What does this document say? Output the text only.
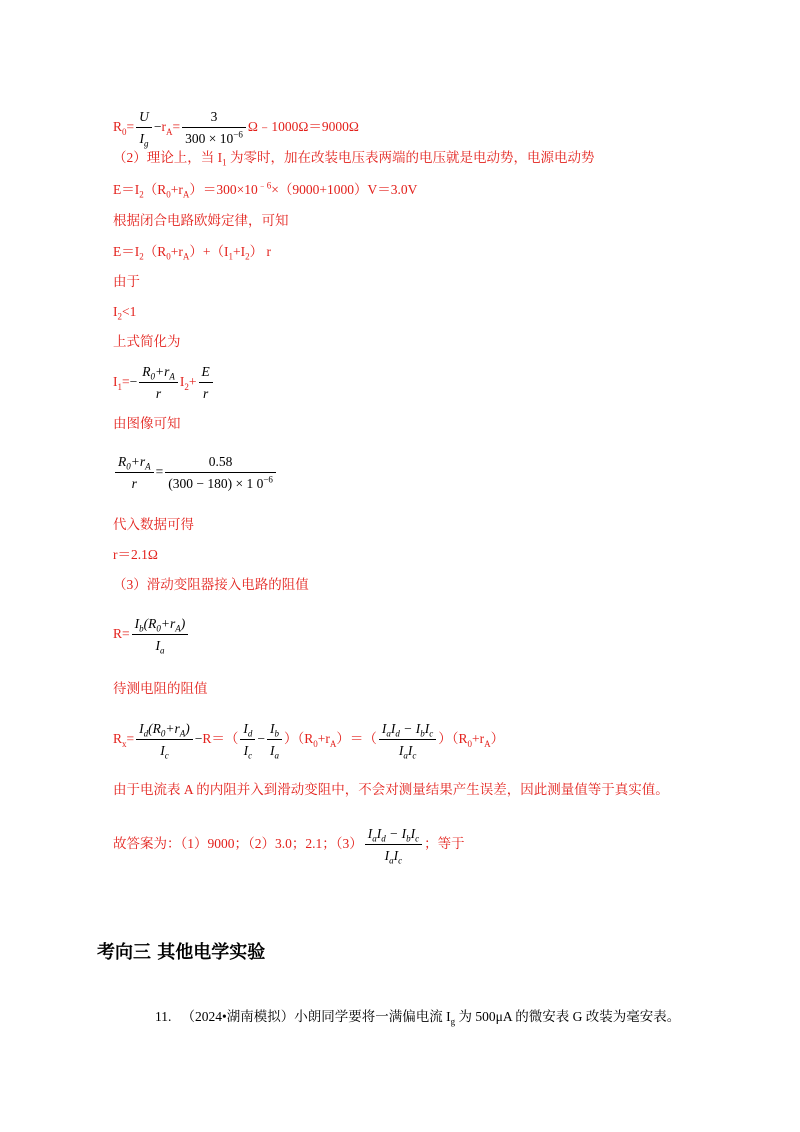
$R_0= \frac{U}{I_g} -r_A= \frac{3}{300 \times 10^{-6}}$ Ω﹣1000Ω＝9000Ω
（2）理论上，当 $I_1$ 为零时，加在改装电压表两端的电压就是电动势，电源电动势
$E=I_2(R_0+r_A)=300\times 10^{﹣6}\times(9000+1000)V=3.0V$
根据闭合电路欧姆定律，可知
$E=I_2(R_0+r_A)+(I_1+I_2)$ r
由于
$I_2<1$
上式简化为
$I_1=- \frac{R_0+r_A}{r} I_2+ \frac{E}{r}$
由图像可知
$\frac{R_0+r_A}{r} = \frac{0.58}{(300 - 180) \times 1 0^{-6}}$
代入数据可得
r＝2.1Ω
（3）滑动变阻器接入电路的阻值
$R= \frac{I_b(R_0+r_A)}{I_a}$
待测电阻的阻值
$R_x= \frac{I_d(R_0+r_A)}{I_c} -R=( \frac{I_d}{I_c} - \frac{I_b}{I_a} )(R_0+r_A)=( \frac{I_aI_d - I_bI_c}{I_aI_c} )(R_0+r_A)$
由于电流表 A 的内阻并入到滑动变阻中，不会对测量结果产生误差，因此测量值等于真实值。
故答案为：（1）9000；（2）3.0；2.1；$(3) \frac{I_aI_d - I_bI_c}{I_aI_c}$ ；等于
考向三 其他电学实验
11.   （2024•湖南模拟）小朗同学要将一满偏电流 $I_g$ 为 500μA 的微安表 G 改装为毫安表。
